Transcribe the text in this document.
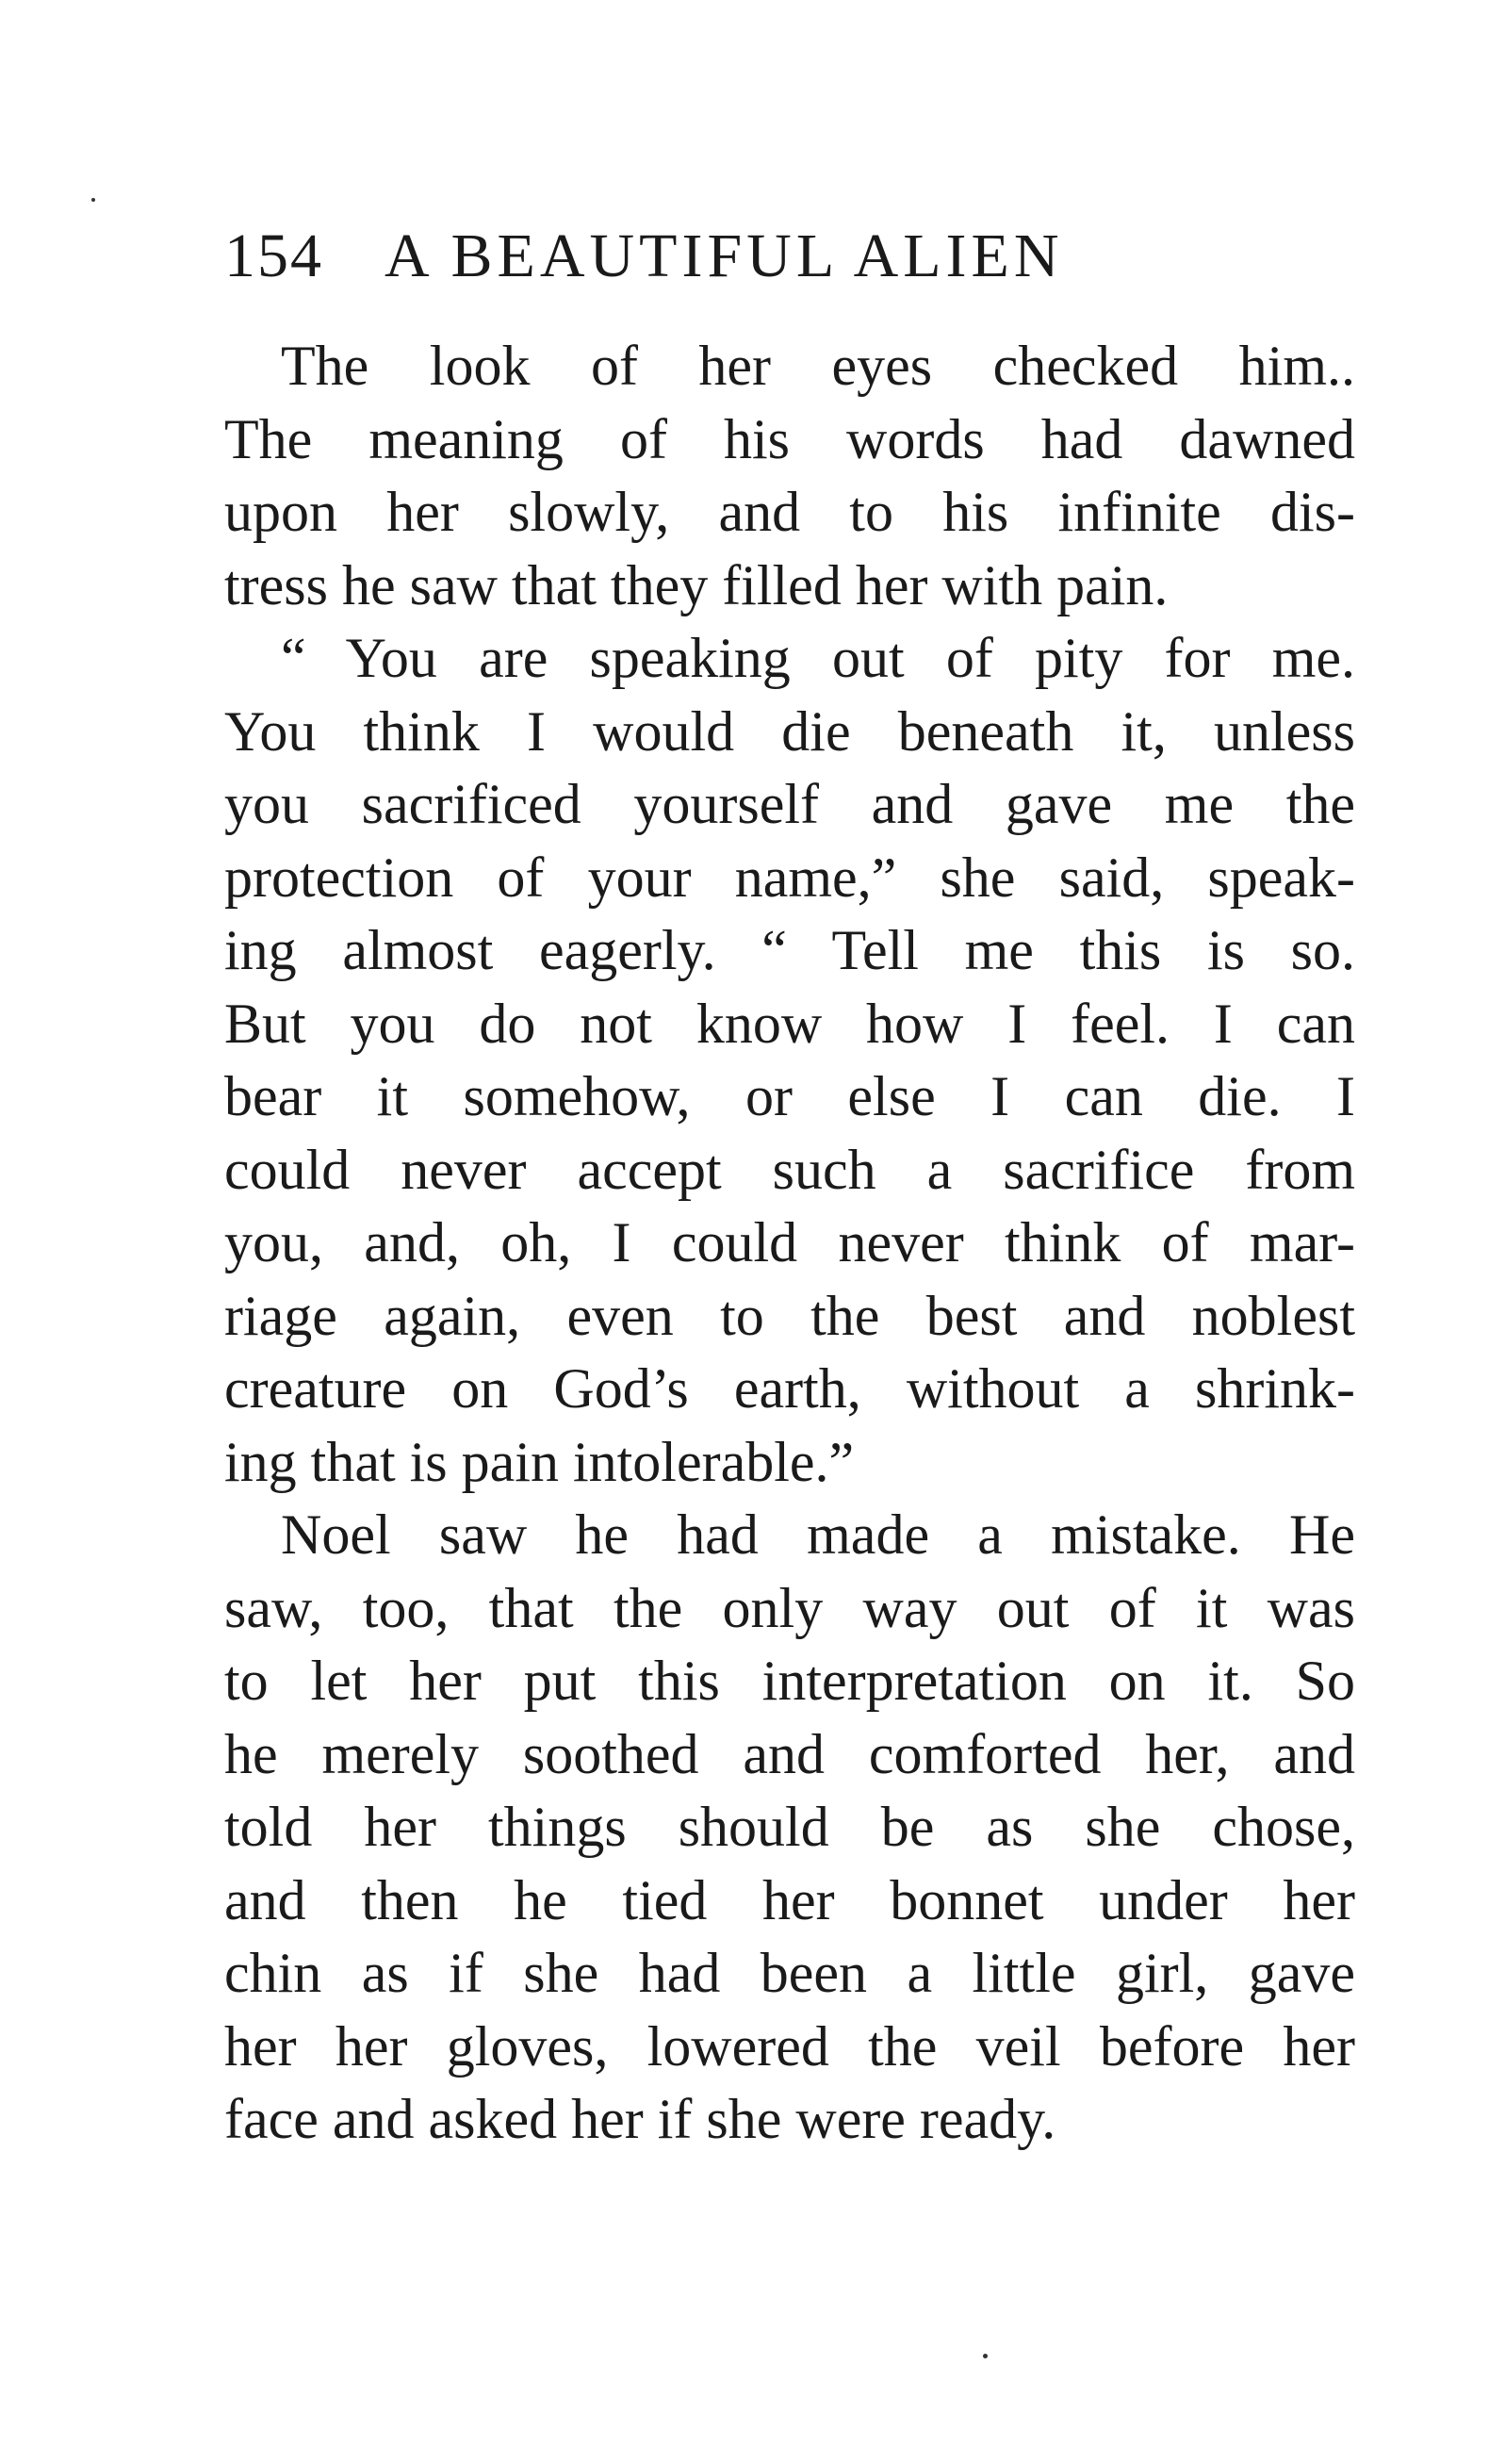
154 A BEAUTIFUL ALIEN
The look of her eyes checked him..
The meaning of his words had dawned
upon her slowly, and to his infinite dis-
tress he saw that they filled her with pain.
“ You are speaking out of pity for me.
You think I would die beneath it, unless
you sacrificed yourself and gave me the
protection of your name,” she said, speak-
ing almost eagerly. “ Tell me this is so.
But you do not know how I feel. I can
bear it somehow, or else I can die. I
could never accept such a sacrifice from
you, and, oh, I could never think of mar-
riage again, even to the best and noblest
creature on God’s earth, without a shrink-
ing that is pain intolerable.”
Noel saw he had made a mistake. He
saw, too, that the only way out of it was
to let her put this interpretation on it. So
he merely soothed and comforted her, and
told her things should be as she chose,
and then he tied her bonnet under her
chin as if she had been a little girl, gave
her her gloves, lowered the veil before her
face and asked her if she were ready.
